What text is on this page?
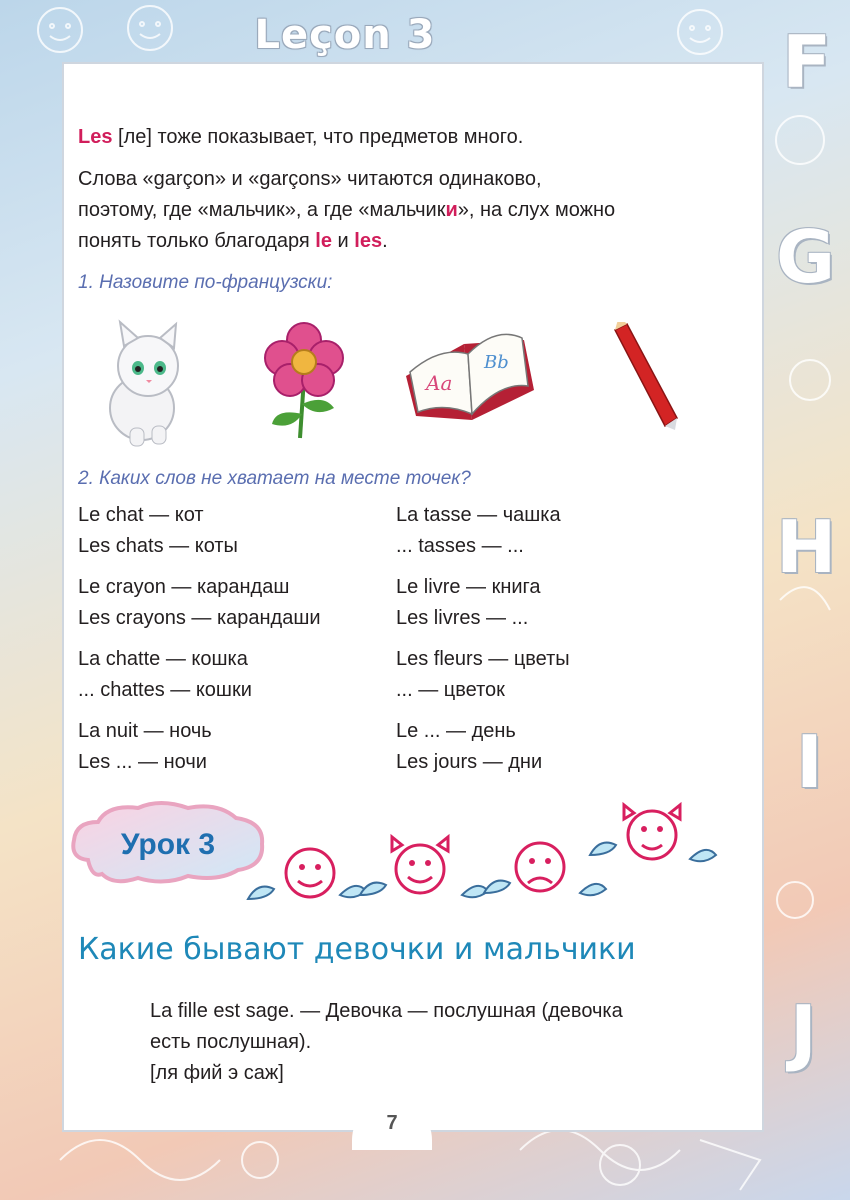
Leçon 3	F
G
H
I
J
Les [ле] тоже показывает, что предметов много.
Слова «garçon» и «garçons» читаются одинаково,
поэтому, где «мальчик», а где «мальчики», на слух можно
понять только благодаря le и les.
1. Назовите по-французски:
Aa
Bb
2. Каких слов не хватает на месте точек?
Le chat — кот
Les chats — коты
Le crayon — карандаш
Les crayons — карандаши
La chatte — кошка
... chattes — кошки
La nuit — ночь
Les ... — ночи
La tasse — чашка
... tasses — ...
Le livre — книга
Les livres — ...
Les fleurs — цветы
... — цветок
Le ... — день
Les jours — дни
Урок 3
Какие бывают девочки и мальчики
La fille est sage. — Девочка — послушная (девочка
есть послушная).
[ля фий э саж]
7
